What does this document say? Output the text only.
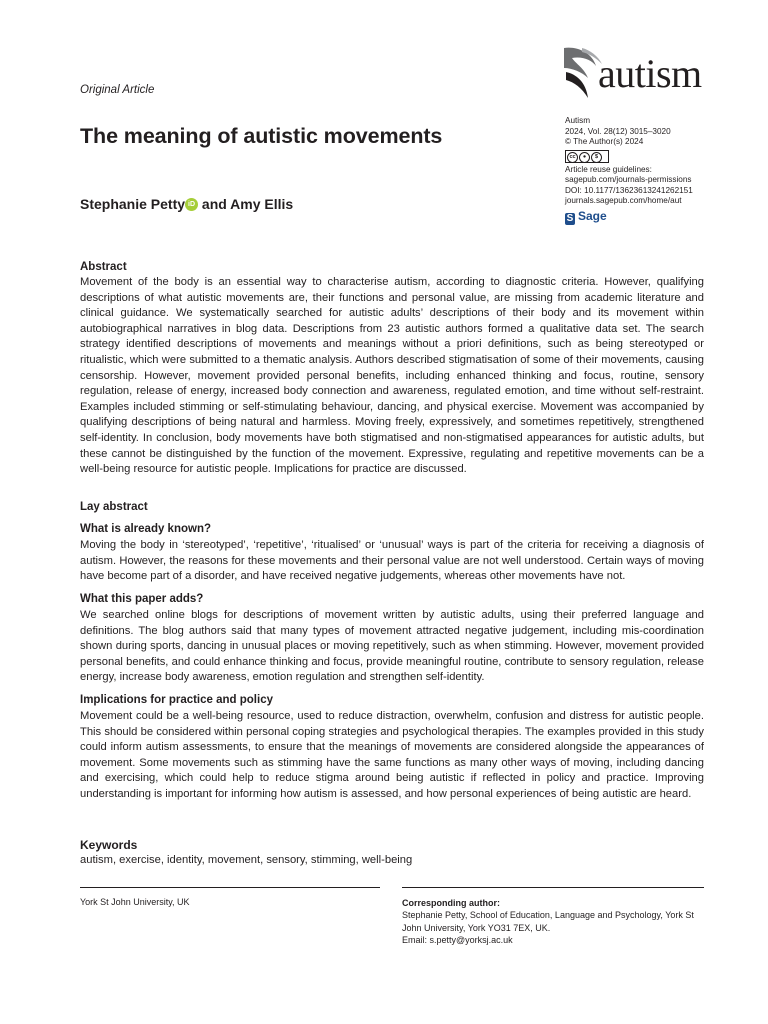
Original Article
The meaning of autistic movements
Stephanie Petty iD and Amy Ellis
autism
Autism
2024, Vol. 28(12) 3015–3020
© The Author(s) 2024
cc ● $
Article reuse guidelines:
sagepub.com/journals-permissions
DOI: 10.1177/13623613241262151
journals.sagepub.com/home/aut
S Sage
Abstract
Movement of the body is an essential way to characterise autism, according to diagnostic criteria. However, qualifying descriptions of what autistic movements are, their functions and personal value, are missing from academic literature and clinical guidance. We systematically searched for autistic adults’ descriptions of their body and its movement within autobiographical narratives in blog data. Descriptions from 23 autistic authors formed a qualitative data set. The search strategy identified descriptions of movements and meanings without a priori definitions, such as being stereotyped or ritualistic, which were submitted to a thematic analysis. Authors described stigmatisation of some of their movements, causing censorship. However, movement provided personal benefits, including enhanced thinking and focus, routine, sensory regulation, release of energy, increased body connection and awareness, regulated emotion, and time without self-restraint. Examples included stimming or self-stimulating behaviour, dancing, and physical exercise. Movement was accompanied by qualifying descriptions of being natural and harmless. Moving freely, expressively, and sometimes repetitively, strengthened self-identity. In conclusion, body movements have both stigmatised and non-stigmatised appearances for autistic adults, but these cannot be distinguished by the function of the movement. Expressive, regulating and repetitive movements can be a well-being resource for autistic people. Implications for practice are discussed.
Lay abstract
What is already known?
Moving the body in ‘stereotyped’, ‘repetitive’, ‘ritualised’ or ‘unusual’ ways is part of the criteria for receiving a diagnosis of autism. However, the reasons for these movements and their personal value are not well understood. Certain ways of moving have become part of a disorder, and have received negative judgements, whereas other movements have not.
What this paper adds?
We searched online blogs for descriptions of movement written by autistic adults, using their preferred language and definitions. The blog authors said that many types of movement attracted negative judgement, including mis-coordination shown during sports, dancing in unusual places or moving repetitively, such as when stimming. However, movement provided personal benefits, and could enhance thinking and focus, provide meaningful routine, contribute to sensory regulation, release energy, increase body awareness, emotion regulation and strengthen self-identity.
Implications for practice and policy
Movement could be a well-being resource, used to reduce distraction, overwhelm, confusion and distress for autistic people. This should be considered within personal coping strategies and psychological therapies. The examples provided in this study could inform autism assessments, to ensure that the meanings of movements are considered alongside the appearances of movement. Some movements such as stimming have the same functions as many other ways of moving, including dancing and exercising, which could help to reduce stigma around being autistic if reflected in policy and practice. Improving understanding is important for informing how autism is assessed, and how personal experiences of being autistic are heard.
Keywords
autism, exercise, identity, movement, sensory, stimming, well-being
York St John University, UK	Corresponding author:
Stephanie Petty, School of Education, Language and Psychology, York St John University, York YO31 7EX, UK.
Email: s.petty@yorksj.ac.uk
